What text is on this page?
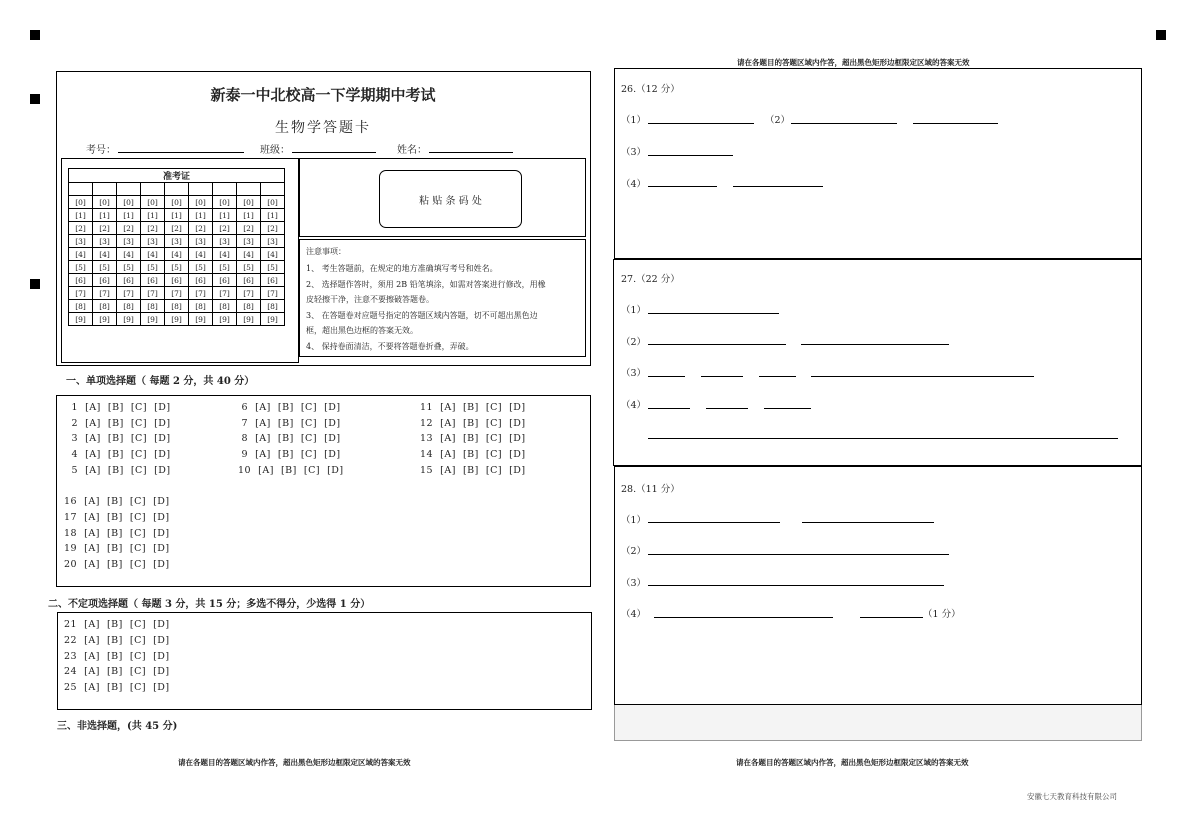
新泰一中北校高一下学期期中考试
生物学答题卡
考号：	班级：	姓名：
准考证								

[0]	[0]	[0]	[0]	[0]	[0]	[0]	[0]	[0]
[1]	[1]	[1]	[1]	[1]	[1]	[1]	[1]	[1]
[2]	[2]	[2]	[2]	[2]	[2]	[2]	[2]	[2]
[3]	[3]	[3]	[3]	[3]	[3]	[3]	[3]	[3]
[4]	[4]	[4]	[4]	[4]	[4]	[4]	[4]	[4]
[5]	[5]	[5]	[5]	[5]	[5]	[5]	[5]	[5]
[6]	[6]	[6]	[6]	[6]	[6]	[6]	[6]	[6]
[7]	[7]	[7]	[7]	[7]	[7]	[7]	[7]	[7]
[8]	[8]	[8]	[8]	[8]	[8]	[8]	[8]	[8]
[9]	[9]	[9]	[9]	[9]	[9]	[9]	[9]	[9]
粘 贴 条 码 处
注意事项：
1、 考生答题前，在规定的地方准确填写考号和姓名。
2、 选择题作答时，须用 2B 铅笔填涂，如需对答案进行修改，用橡
皮轻擦干净，注意不要擦破答题卷。
3、 在答题卷对应题号指定的答题区域内答题，切不可超出黑色边
框，超出黑色边框的答案无效。
4、 保持卷面清洁，不要将答题卷折叠，弄破。
一、单项选择题（ 每题 2 分，共 40 分）
1  [A]  [B]  [C]  [D]
2  [A]  [B]  [C]  [D]
3  [A]  [B]  [C]  [D]
4  [A]  [B]  [C]  [D]
5  [A]  [B]  [C]  [D]
6  [A]  [B]  [C]  [D]
7  [A]  [B]  [C]  [D]
8  [A]  [B]  [C]  [D]
9  [A]  [B]  [C]  [D]
10  [A]  [B]  [C]  [D]
11  [A]  [B]  [C]  [D]
12  [A]  [B]  [C]  [D]
13  [A]  [B]  [C]  [D]
14  [A]  [B]  [C]  [D]
15  [A]  [B]  [C]  [D]
16  [A]  [B]  [C]  [D]
17  [A]  [B]  [C]  [D]
18  [A]  [B]  [C]  [D]
19  [A]  [B]  [C]  [D]
20  [A]  [B]  [C]  [D]
二、不定项选择题（ 每题 3 分，共 15 分；多选不得分，少选得 1 分）
21  [A]  [B]  [C]  [D]
22  [A]  [B]  [C]  [D]
23  [A]  [B]  [C]  [D]
24  [A]  [B]  [C]  [D]
25  [A]  [B]  [C]  [D]
三、非选择题，(共 45 分)
请在各题目的答题区域内作答，超出黑色矩形边框限定区域的答案无效
请在各题目的答题区域内作答，超出黑色矩形边框限定区域的答案无效
26.（12 分）
（1）	（2）
（3）
（4）
27.（22 分）
（1）
（2）
（3）
（4）
28.（11 分）
（1）
（2）
（3）
（4）	（1 分）
请在各题目的答题区域内作答，超出黑色矩形边框限定区域的答案无效
安徽七天教育科技有限公司
